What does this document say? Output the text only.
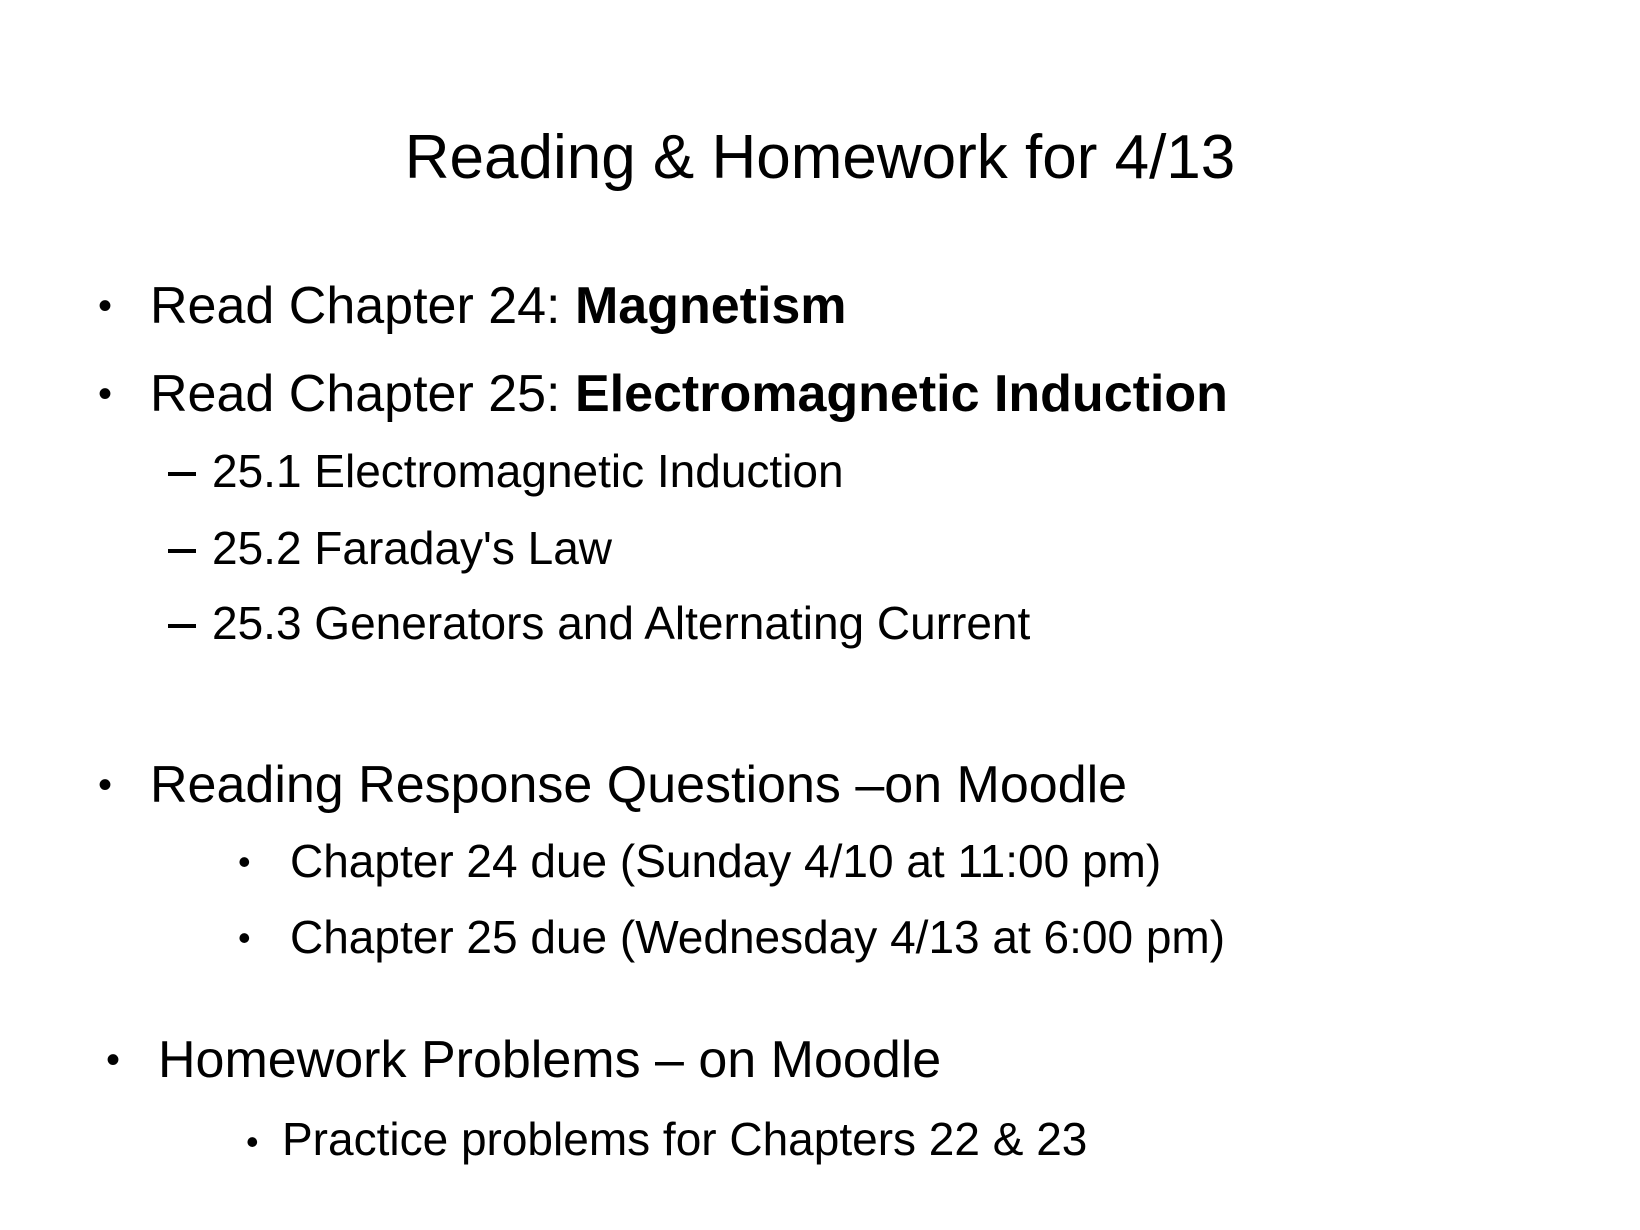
Reading & Homework for 4/13
• Read Chapter 24: Magnetism
• Read Chapter 25: Electromagnetic Induction
25.1 Electromagnetic Induction
25.2 Faraday's Law
25.3 Generators and Alternating Current
• Reading Response Questions –on Moodle
• Chapter 24 due (Sunday 4/10 at 11:00 pm)
• Chapter 25 due (Wednesday 4/13 at 6:00 pm)
• Homework Problems – on Moodle
• Practice problems for Chapters 22 & 23
